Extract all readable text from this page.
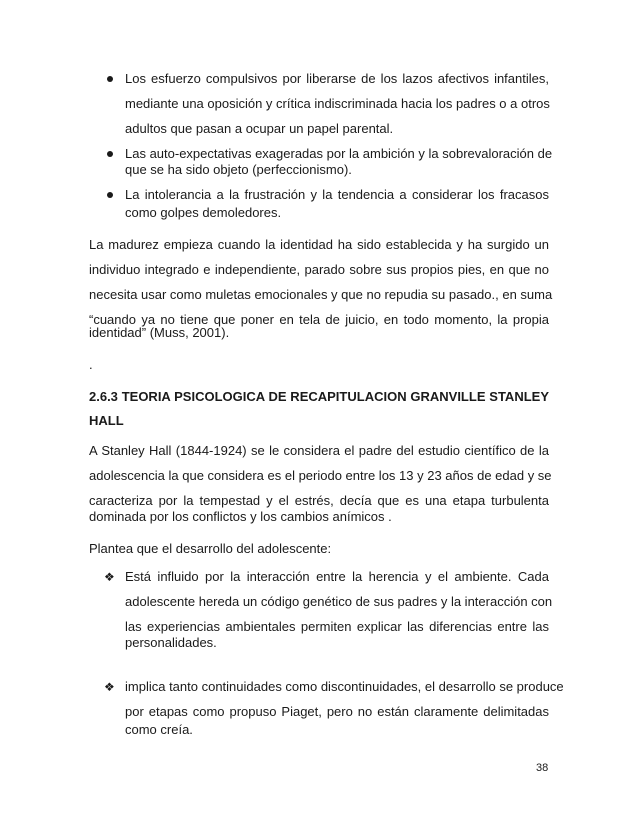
Los esfuerzo compulsivos por liberarse de los lazos afectivos infantiles,
mediante una oposición y crítica indiscriminada hacia los padres o a otros
adultos que pasan a ocupar un papel parental.
Las auto-expectativas exageradas por la ambición y la sobrevaloración de
que se ha sido objeto (perfeccionismo).
La intolerancia a la frustración y la tendencia a considerar los fracasos
como golpes demoledores.
La madurez empieza cuando la identidad ha sido establecida y ha surgido un
individuo integrado e independiente, parado sobre sus propios pies, en que no
necesita usar como muletas emocionales y que no repudia su pasado., en suma
“cuando ya no tiene que poner en tela de juicio, en todo momento, la propia
identidad” (Muss, 2001).
.
2.6.3 TEORIA PSICOLOGICA DE RECAPITULACION GRANVILLE STANLEY
HALL
A Stanley Hall (1844-1924) se le considera el padre del estudio científico de la
adolescencia la que considera es el periodo entre los 13 y 23 años de edad y se
caracteriza por la tempestad y el estrés, decía que es una etapa turbulenta
dominada por los conflictos y los cambios anímicos .
Plantea que el desarrollo del adolescente:
❖ Está influido por la interacción entre la herencia y el ambiente. Cada
adolescente hereda un código genético de sus padres y la interacción con
las experiencias ambientales permiten explicar las diferencias entre las
personalidades.
❖ implica tanto continuidades como discontinuidades, el desarrollo se produce
por etapas como propuso Piaget, pero no están claramente delimitadas
como creía.
38
